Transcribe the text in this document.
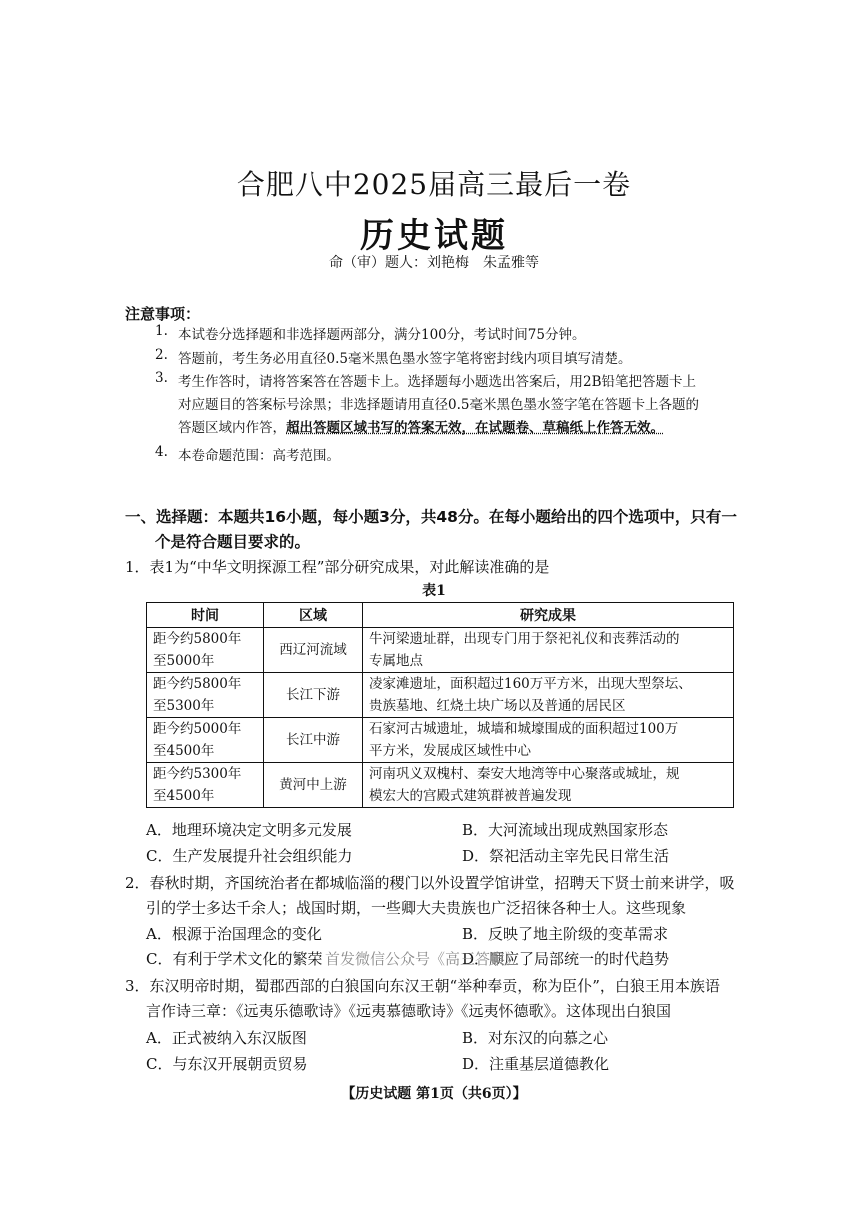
合肥八中2025届高三最后一卷
历史试题
命（审）题人：刘艳梅　朱孟雅等
注意事项：
1. 本试卷分选择题和非选择题两部分，满分100分，考试时间75分钟。
2. 答题前，考生务必用直径0.5毫米黑色墨水签字笔将密封线内项目填写清楚。
3. 考生作答时，请将答案答在答题卡上。选择题每小题选出答案后，用2B铅笔把答题卡上
对应题目的答案标号涂黑；非选择题请用直径0.5毫米黑色墨水签字笔在答题卡上各题的
答题区域内作答，超出答题区域书写的答案无效，在试题卷、草稿纸上作答无效。
4. 本卷命题范围：高考范围。
一、选择题：本题共16小题，每小题3分，共48分。在每小题给出的四个选项中，只有一
个是符合题目要求的。
1．表1为“中华文明探源工程”部分研究成果，对此解读准确的是
表1
时间	区域	研究成果
距今约5800年
至5000年	西辽河流域	牛河梁遗址群，出现专门用于祭祀礼仪和丧葬活动的
专属地点
距今约5800年
至5300年	长江下游	凌家滩遗址，面积超过160万平方米，出现大型祭坛、
贵族墓地、红烧土块广场以及普通的居民区
距今约5000年
至4500年	长江中游	石家河古城遗址，城墙和城壕围成的面积超过100万
平方米，发展成区域性中心
距今约5300年
至4500年	黄河中上游	河南巩义双槐村、秦安大地湾等中心聚落或城址，规
模宏大的宫殿式建筑群被普遍发现
A．地理环境决定文明多元发展	B．大河流域出现成熟国家形态
C．生产发展提升社会组织能力	D．祭祀活动主宰先民日常生活
2．春秋时期，齐国统治者在都城临淄的稷门以外设置学馆讲堂，招聘天下贤士前来讲学，吸
引的学士多达千余人；战国时期，一些卿大夫贵族也广泛招徕各种士人。这些现象
A．根源于治国理念的变化	B．反映了地主阶级的变革需求
C．有利于学术文化的繁荣	D．顺应了局部统一的时代趋势
首发微信公众号《高三答案》
3．东汉明帝时期，蜀郡西部的白狼国向东汉王朝“举种奉贡，称为臣仆”，白狼王用本族语
言作诗三章：《远夷乐德歌诗》《远夷慕德歌诗》《远夷怀德歌》。这体现出白狼国
A．正式被纳入东汉版图	B．对东汉的向慕之心
C．与东汉开展朝贡贸易	D．注重基层道德教化
【历史试题 第1页（共6页）】
